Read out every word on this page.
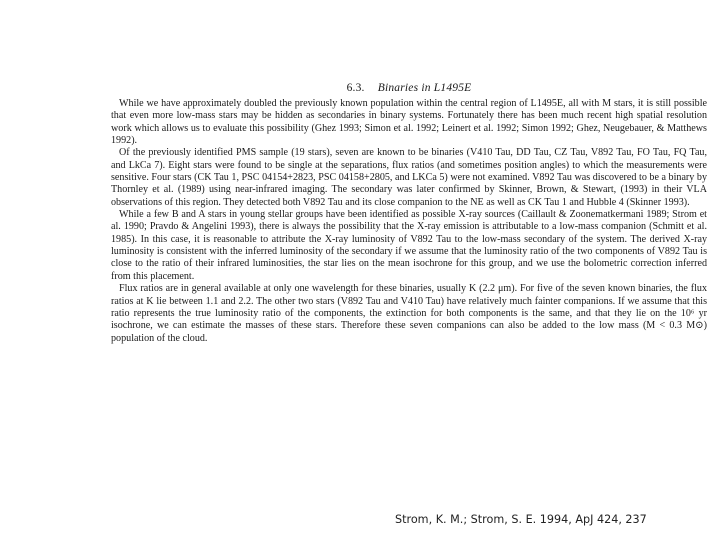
6.3. Binaries in L1495E

While we have approximately doubled the previously known population within the central region of L1495E, all with M stars, it is still possible that even more low-mass stars may be hidden as secondaries in binary systems. Fortunately there has been much recent high spatial resolution work which allows us to evaluate this possibility (Ghez 1993; Simon et al. 1992; Leinert et al. 1992; Simon 1992; Ghez, Neugebauer, & Matthews 1992).

Of the previously identified PMS sample (19 stars), seven are known to be binaries (V410 Tau, DD Tau, CZ Tau, V892 Tau, FO Tau, FQ Tau, and LkCa 7). Eight stars were found to be single at the separations, flux ratios (and sometimes position angles) to which the measurements were sensitive. Four stars (CK Tau 1, PSC 04154+2823, PSC 04158+2805, and LKCa 5) were not examined. V892 Tau was discovered to be a binary by Thornley et al. (1989) using near-infrared imaging. The secondary was later confirmed by Skinner, Brown, & Stewart, (1993) in their VLA observations of this region. They detected both V892 Tau and its close companion to the NE as well as CK Tau 1 and Hubble 4 (Skinner 1993).

While a few B and A stars in young stellar groups have been identified as possible X-ray sources (Caillault & Zoonematkermani 1989; Strom et al. 1990; Pravdo & Angelini 1993), there is always the possibility that the X-ray emission is attributable to a low-mass companion (Schmitt et al. 1985). In this case, it is reasonable to attribute the X-ray luminosity of V892 Tau to the low-mass secondary of the system. The derived X-ray luminosity is consistent with the inferred luminosity of the secondary if we assume that the luminosity ratio of the two components of V892 Tau is close to the ratio of their infrared luminosities, the star lies on the mean isochrone for this group, and we use the bolometric correction inferred from this placement.

Flux ratios are in general available at only one wavelength for these binaries, usually K (2.2 μm). For five of the seven known binaries, the flux ratios at K lie between 1.1 and 2.2. The other two stars (V892 Tau and V410 Tau) have relatively much fainter companions. If we assume that this ratio represents the true luminosity ratio of the components, the extinction for both components is the same, and that they lie on the 10⁶ yr isochrone, we can estimate the masses of these stars. Therefore these seven companions can also be added to the low mass (M < 0.3 M⊙) population of the cloud.

Strom, K. M.; Strom, S. E. 1994, ApJ 424, 237
